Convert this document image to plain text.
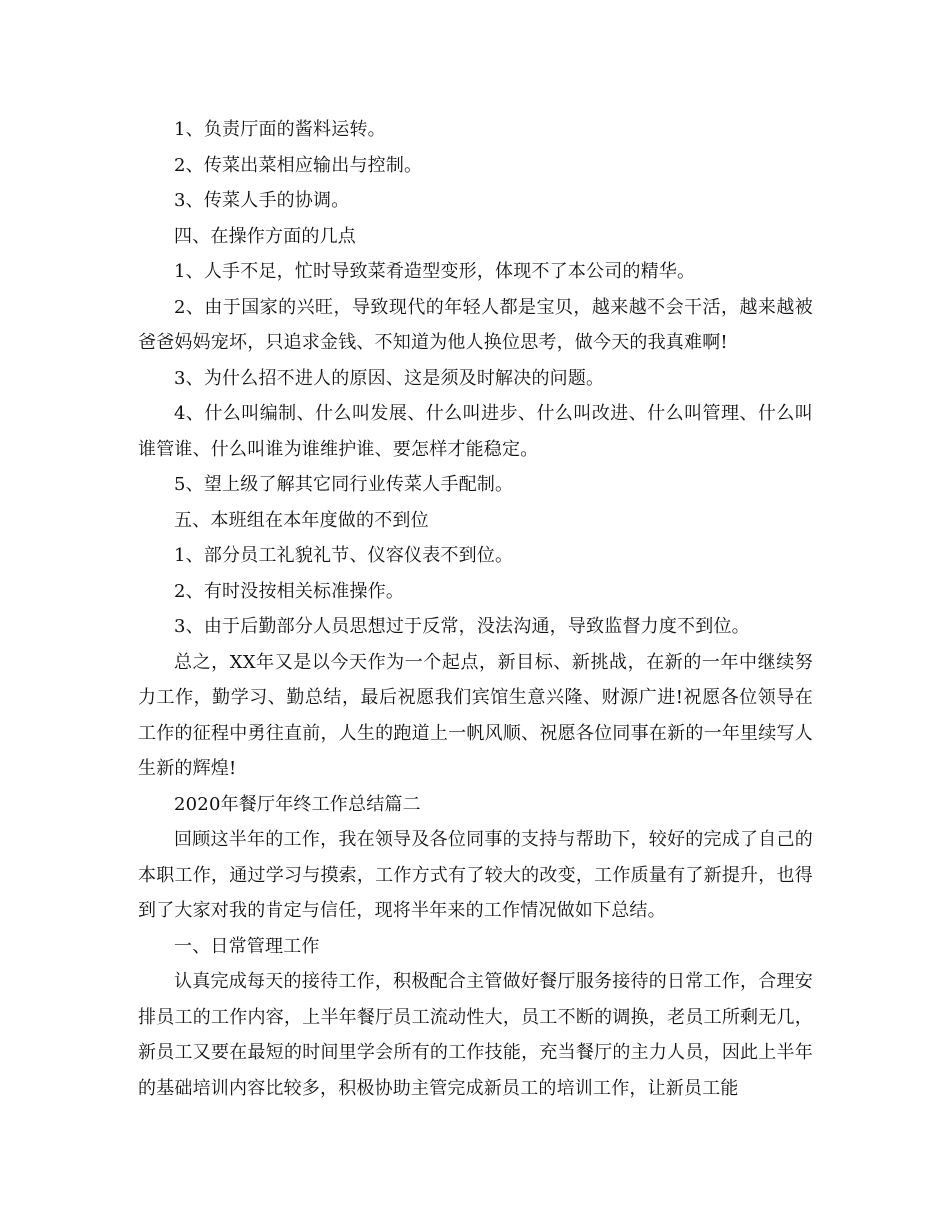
1、负责厅面的酱料运转。

2、传菜出菜相应输出与控制。

3、传菜人手的协调。

四、在操作方面的几点

1、人手不足，忙时导致菜肴造型变形，体现不了本公司的精华。

2、由于国家的兴旺，导致现代的年轻人都是宝贝，越来越不会干活，越来越被爸爸妈妈宠坏，只追求金钱、不知道为他人换位思考，做今天的我真难啊!

3、为什么招不进人的原因、这是须及时解决的问题。

4、什么叫编制、什么叫发展、什么叫进步、什么叫改进、什么叫管理、什么叫谁管谁、什么叫谁为谁维护谁、要怎样才能稳定。

5、望上级了解其它同行业传菜人手配制。

五、本班组在本年度做的不到位

1、部分员工礼貌礼节、仪容仪表不到位。

2、有时没按相关标准操作。

3、由于后勤部分人员思想过于反常，没法沟通，导致监督力度不到位。

总之，XX年又是以今天作为一个起点，新目标、新挑战，在新的一年中继续努力工作，勤学习、勤总结，最后祝愿我们宾馆生意兴隆、财源广进!祝愿各位领导在工作的征程中勇往直前，人生的跑道上一帆风顺、祝愿各位同事在新的一年里续写人生新的辉煌!

2020年餐厅年终工作总结篇二

回顾这半年的工作，我在领导及各位同事的支持与帮助下，较好的完成了自己的本职工作，通过学习与摸索，工作方式有了较大的改变，工作质量有了新提升，也得到了大家对我的肯定与信任，现将半年来的工作情况做如下总结。

一、日常管理工作

认真完成每天的接待工作，积极配合主管做好餐厅服务接待的日常工作，合理安排员工的工作内容，上半年餐厅员工流动性大，员工不断的调换，老员工所剩无几，新员工又要在最短的时间里学会所有的工作技能，充当餐厅的主力人员，因此上半年的基础培训内容比较多，积极协助主管完成新员工的培训工作，让新员工能
